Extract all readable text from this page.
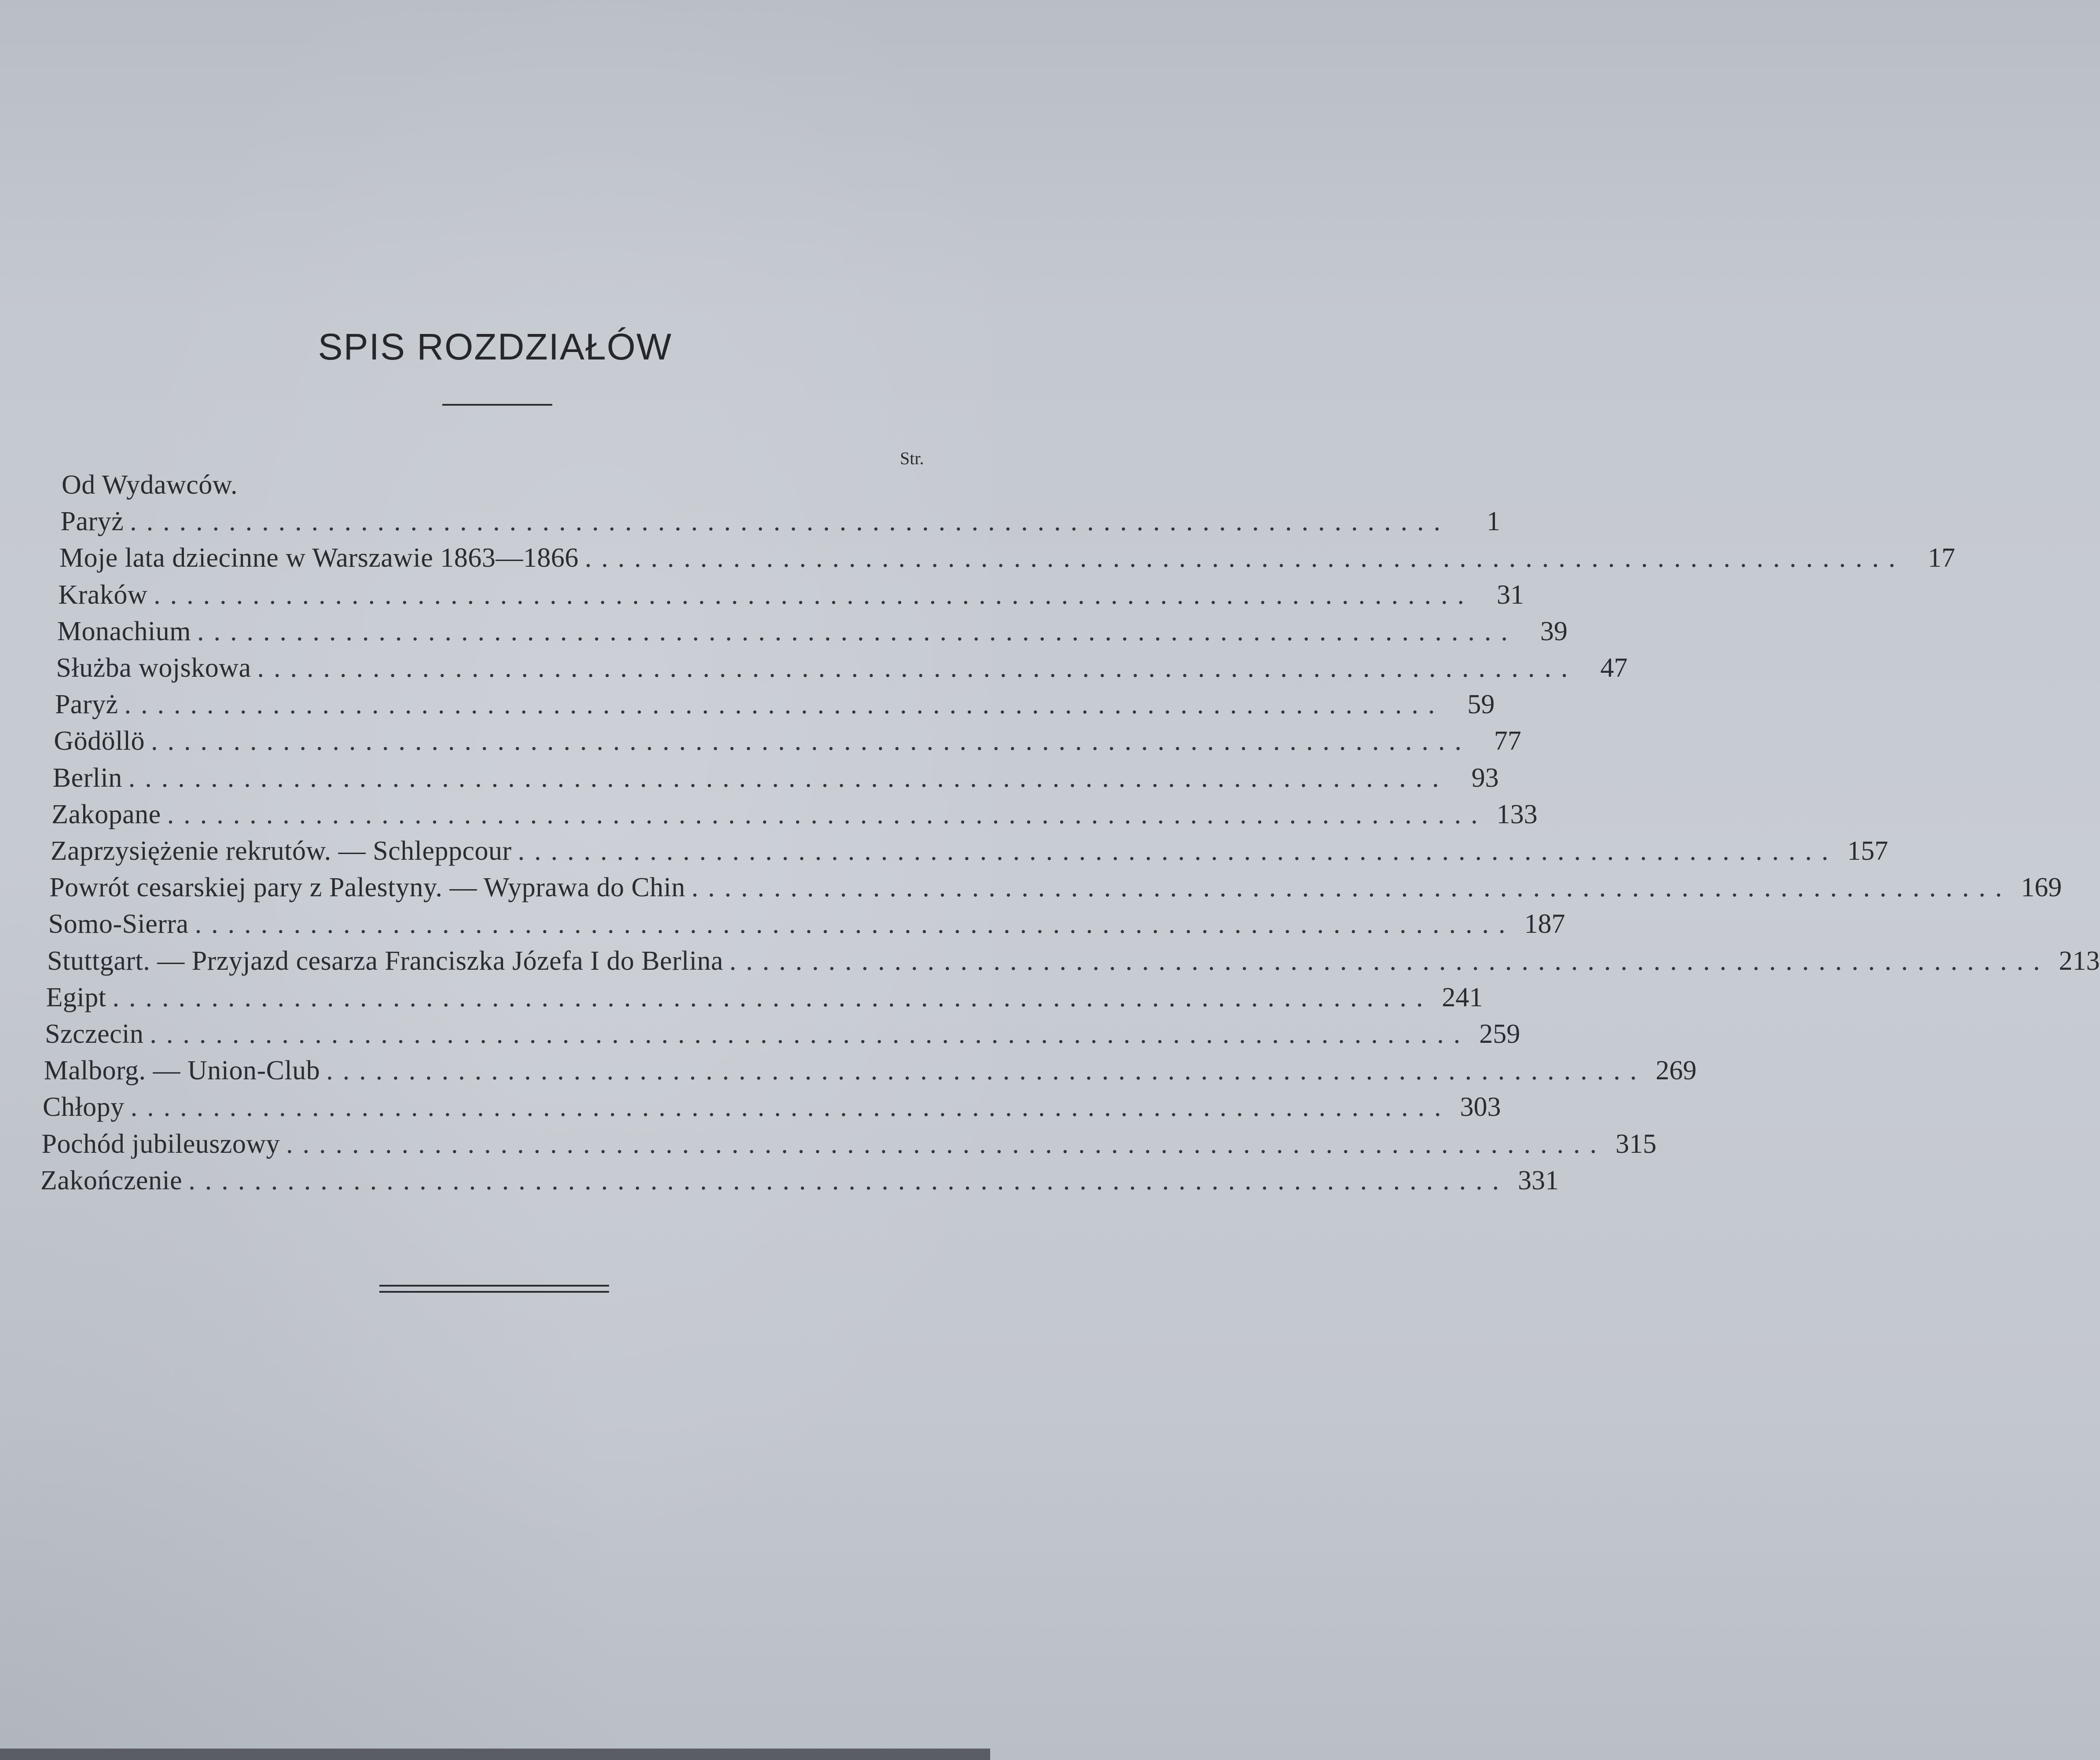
SPIS ROZDZIAŁÓW
Str.
Od Wydawców.
Paryż ................................................................................	1
Moje lata dziecinne w Warszawie 1863—1866 ................................................................................ 17
Kraków ................................................................................ 31
Monachium ................................................................................ 39
Służba wojskowa ................................................................................ 47
Paryż ................................................................................ 59
Gödöllö ................................................................................ 77
Berlin ................................................................................ 93
Zakopane ................................................................................ 133
Zaprzysiężenie rekrutów. — Schleppcour ................................................................................ 157
Powrót cesarskiej pary z Palestyny. — Wyprawa do Chin ................................................................................ 169
Somo-Sierra ................................................................................ 187
Stuttgart. — Przyjazd cesarza Franciszka Józefa I do Berlina ................................................................................ 213
Egipt ................................................................................ 241
Szczecin ................................................................................ 259
Malborg. — Union-Club ................................................................................ 269
Chłopy ................................................................................ 303
Pochód jubileuszowy ................................................................................ 315
Zakończenie ................................................................................ 331
